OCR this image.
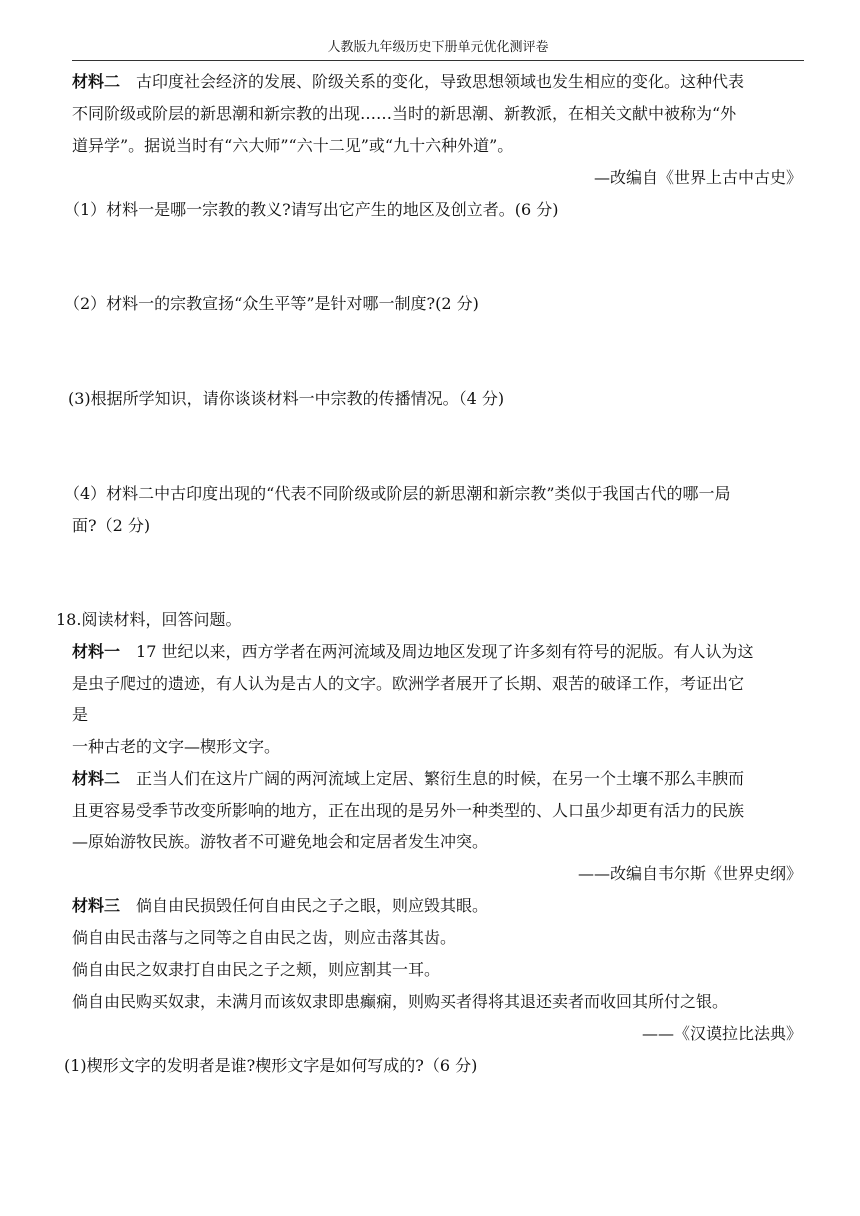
人教版九年级历史下册单元优化测评卷
材料二 古印度社会经济的发展、阶级关系的变化，导致思想领域也发生相应的变化。这种代表
不同阶级或阶层的新思潮和新宗教的出现……当时的新思潮、新教派，在相关文献中被称为“外
道异学”。据说当时有“六大师”“六十二见”或“九十六种外道”。
—改编自《世界上古中古史》
（1）材料一是哪一宗教的教义?请写出它产生的地区及创立者。(6 分)
（2）材料一的宗教宣扬“众生平等”是针对哪一制度?(2 分)
(3)根据所学知识，请你谈谈材料一中宗教的传播情况。（4 分)
（4）材料二中古印度出现的“代表不同阶级或阶层的新思潮和新宗教”类似于我国古代的哪一局
面?（2 分)
18.阅读材料，回答问题。
材料一 17 世纪以来，西方学者在两河流域及周边地区发现了许多刻有符号的泥版。有人认为这
是虫子爬过的遗迹，有人认为是古人的文字。欧洲学者展开了长期、艰苦的破译工作，考证出它
是
一种古老的文字—楔形文字。
材料二 正当人们在这片广阔的两河流域上定居、繁衍生息的时候，在另一个土壤不那么丰腴而
且更容易受季节改变所影响的地方，正在出现的是另外一种类型的、人口虽少却更有活力的民族
—原始游牧民族。游牧者不可避免地会和定居者发生冲突。
——改编自韦尔斯《世界史纲》
材料三 倘自由民损毁任何自由民之子之眼，则应毁其眼。
倘自由民击落与之同等之自由民之齿，则应击落其齿。
倘自由民之奴隶打自由民之子之颊，则应割其一耳。
倘自由民购买奴隶，未满月而该奴隶即患癫痫，则购买者得将其退还卖者而收回其所付之银。
——《汉谟拉比法典》
(1)楔形文字的发明者是谁?楔形文字是如何写成的?（6 分)
